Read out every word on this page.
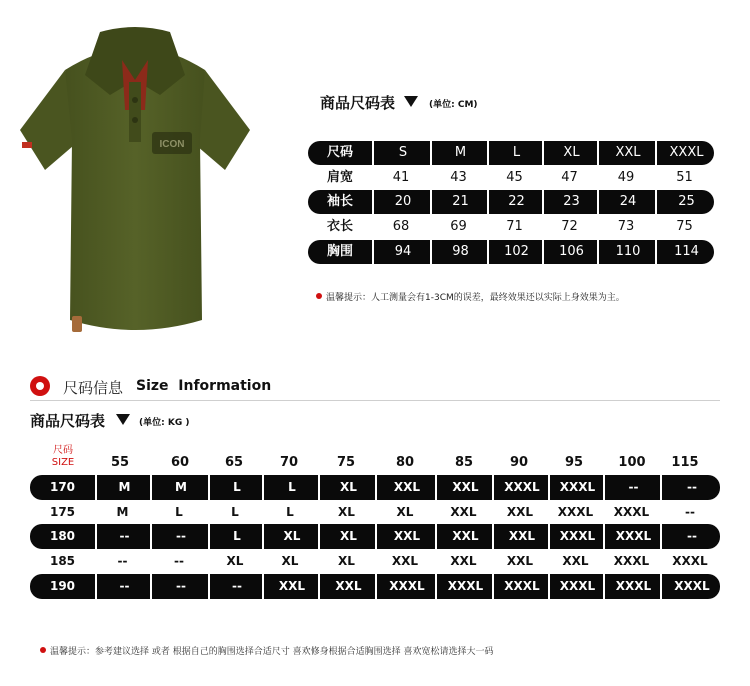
ICON
商品尺码表	(单位: CM)
尺码	S	M	L	XL	XXL	XXXL
肩宽	41	43	45	47	49	51
袖长	20	21	22	23	24	25
衣长	68	69	71	72	73	75
胸围	94	98	102	106	110	114
温馨提示：人工测量会有1-3CM的误差，最终效果还以实际上身效果为主。
尺码信息 Size  Information
商品尺码表	(单位: KG )
尺码
SIZE	55	60	65	70	75	80	85	90	95	100	115
170	M	M	L	L	XL	XXL	XXL	XXXL	XXXL	--	--
175	M	L	L	L	XL	XL	XXL	XXL	XXXL	XXXL	--
180	--	--	L	XL	XL	XXL	XXL	XXL	XXXL	XXXL	--
185	--	--	XL	XL	XL	XXL	XXL	XXL	XXL	XXXL	XXXL
190	--	--	--	XXL	XXL	XXXL	XXXL	XXXL	XXXL	XXXL	XXXL
温馨提示：参考建议选择 或者 根据自己的胸围选择合适尺寸 喜欢修身根据合适胸围选择 喜欢宽松请选择大一码
